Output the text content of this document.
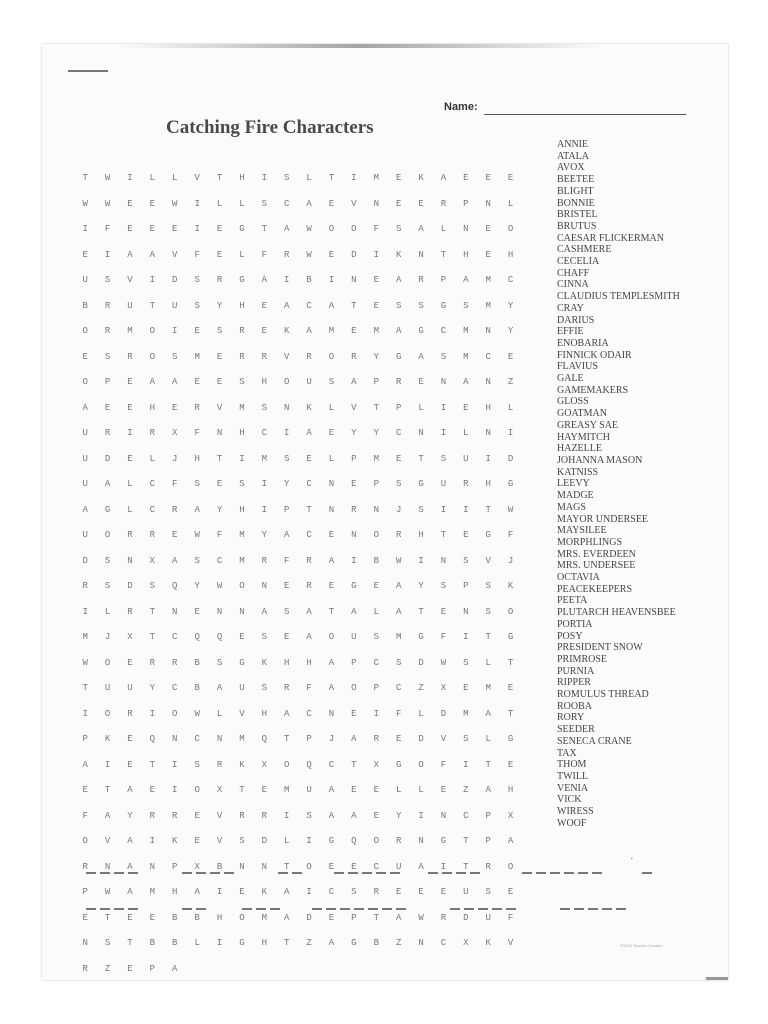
Name:
Catching Fire Characters
T	W	I	L	L	V	T	H	I	S	L	T	I	M	E	K	A	E	E	E
W	W	E	E	W	I	L	L	S	C	A	E	V	N	E	E	R	P	N	L
I	F	E	E	E	I	E	G	T	A	W	O	O	F	S	A	L	N	E	O
E	I	A	A	V	F	E	L	F	R	W	E	D	I	K	N	T	H	E	H
U	S	V	I	D	S	R	G	A	I	B	I	N	E	A	R	P	A	M	C
B	R	U	T	U	S	Y	H	E	A	C	A	T	E	S	S	G	S	M	Y
O	R	M	O	I	E	S	R	E	K	A	M	E	M	A	G	C	M	N	Y
E	S	R	O	S	M	E	R	R	V	R	O	R	Y	G	A	S	M	C	E
O	P	E	A	A	E	E	S	H	O	U	S	A	P	R	E	N	A	N	Z
A	E	E	H	E	R	V	M	S	N	K	L	V	T	P	L	I	E	H	L
U	R	I	R	X	F	N	H	C	I	A	E	Y	Y	C	N	I	L	N	I
U	D	E	L	J	H	T	I	M	S	E	L	P	M	E	T	S	U	I	D
U	A	L	C	F	S	E	S	I	Y	C	N	E	P	S	G	U	R	H	G
A	G	L	C	R	A	Y	H	I	P	T	N	R	N	J	S	I	I	T	W
U	O	R	R	E	W	F	M	Y	A	C	E	N	O	R	H	T	E	G	F
D	S	N	X	A	S	C	M	R	F	R	A	I	B	W	I	N	S	V	J
R	S	D	S	Q	Y	W	O	N	E	R	E	G	E	A	Y	S	P	S	K
I	L	R	T	N	E	N	N	A	S	A	T	A	L	A	T	E	N	S	O
M	J	X	T	C	Q	Q	E	S	E	A	O	U	S	M	G	F	I	T	G
W	O	E	R	R	B	S	G	K	H	H	A	P	C	S	D	W	S	L	T
T	U	U	Y	C	B	A	U	S	R	F	A	O	P	C	Z	X	E	M	E
I	O	R	I	O	W	L	V	H	A	C	N	E	I	F	L	D	M	A	T
P	K	E	Q	N	C	N	M	Q	T	P	J	A	R	E	D	V	S	L	G
A	I	E	T	I	S	R	K	X	O	Q	C	T	X	G	O	F	I	T	E
E	T	A	E	I	O	X	T	E	M	U	A	E	E	L	L	E	Z	A	H
F	A	Y	R	R	E	V	R	R	I	S	A	A	E	Y	I	N	C	P	X
O	V	A	I	K	E	V	S	D	L	I	G	Q	O	R	N	G	T	P	A
R	N	A	N	P	X	B	N	N	T	O	E	E	C	U	A	I	T	R	O
P	W	A	M	H	A	I	E	K	A	I	C	S	R	E	E	E	U	S	E
E	T	E	E	B	B	H	O	M	A	D	E	P	T	A	W	R	D	U	F
N	S	T	B	B	L	I	G	H	T	Z	A	G	B	Z	N	C	X	K	V
R	Z	E	P	A
ANNIE
ATALA
AVOX
BEETEE
BLIGHT
BONNIE
BRISTEL
BRUTUS
CAESAR FLICKERMAN
CASHMERE
CECELIA
CHAFF
CINNA
CLAUDIUS TEMPLESMITH
CRAY
DARIUS
EFFIE
ENOBARIA
FINNICK ODAIR
FLAVIUS
GALE
GAMEMAKERS
GLOSS
GOATMAN
GREASY SAE
HAYMITCH
HAZELLE
JOHANNA MASON
KATNISS
LEEVY
MADGE
MAGS
MAYOR UNDERSEE
MAYSILEE
MORPHLINGS
MRS. EVERDEEN
MRS. UNDERSEE
OCTAVIA
PEACEKEEPERS
PEETA
PLUTARCH HEAVENSBEE
PORTIA
POSY
PRESIDENT SNOW
PRIMROSE
PURNIA
RIPPER
ROMULUS THREAD
ROOBA
RORY
SEEDER
SENECA CRANE
TAX
THOM
TWILL
VENIA
VICK
WIRESS
WOOF
'
©2014 Teacher Created
